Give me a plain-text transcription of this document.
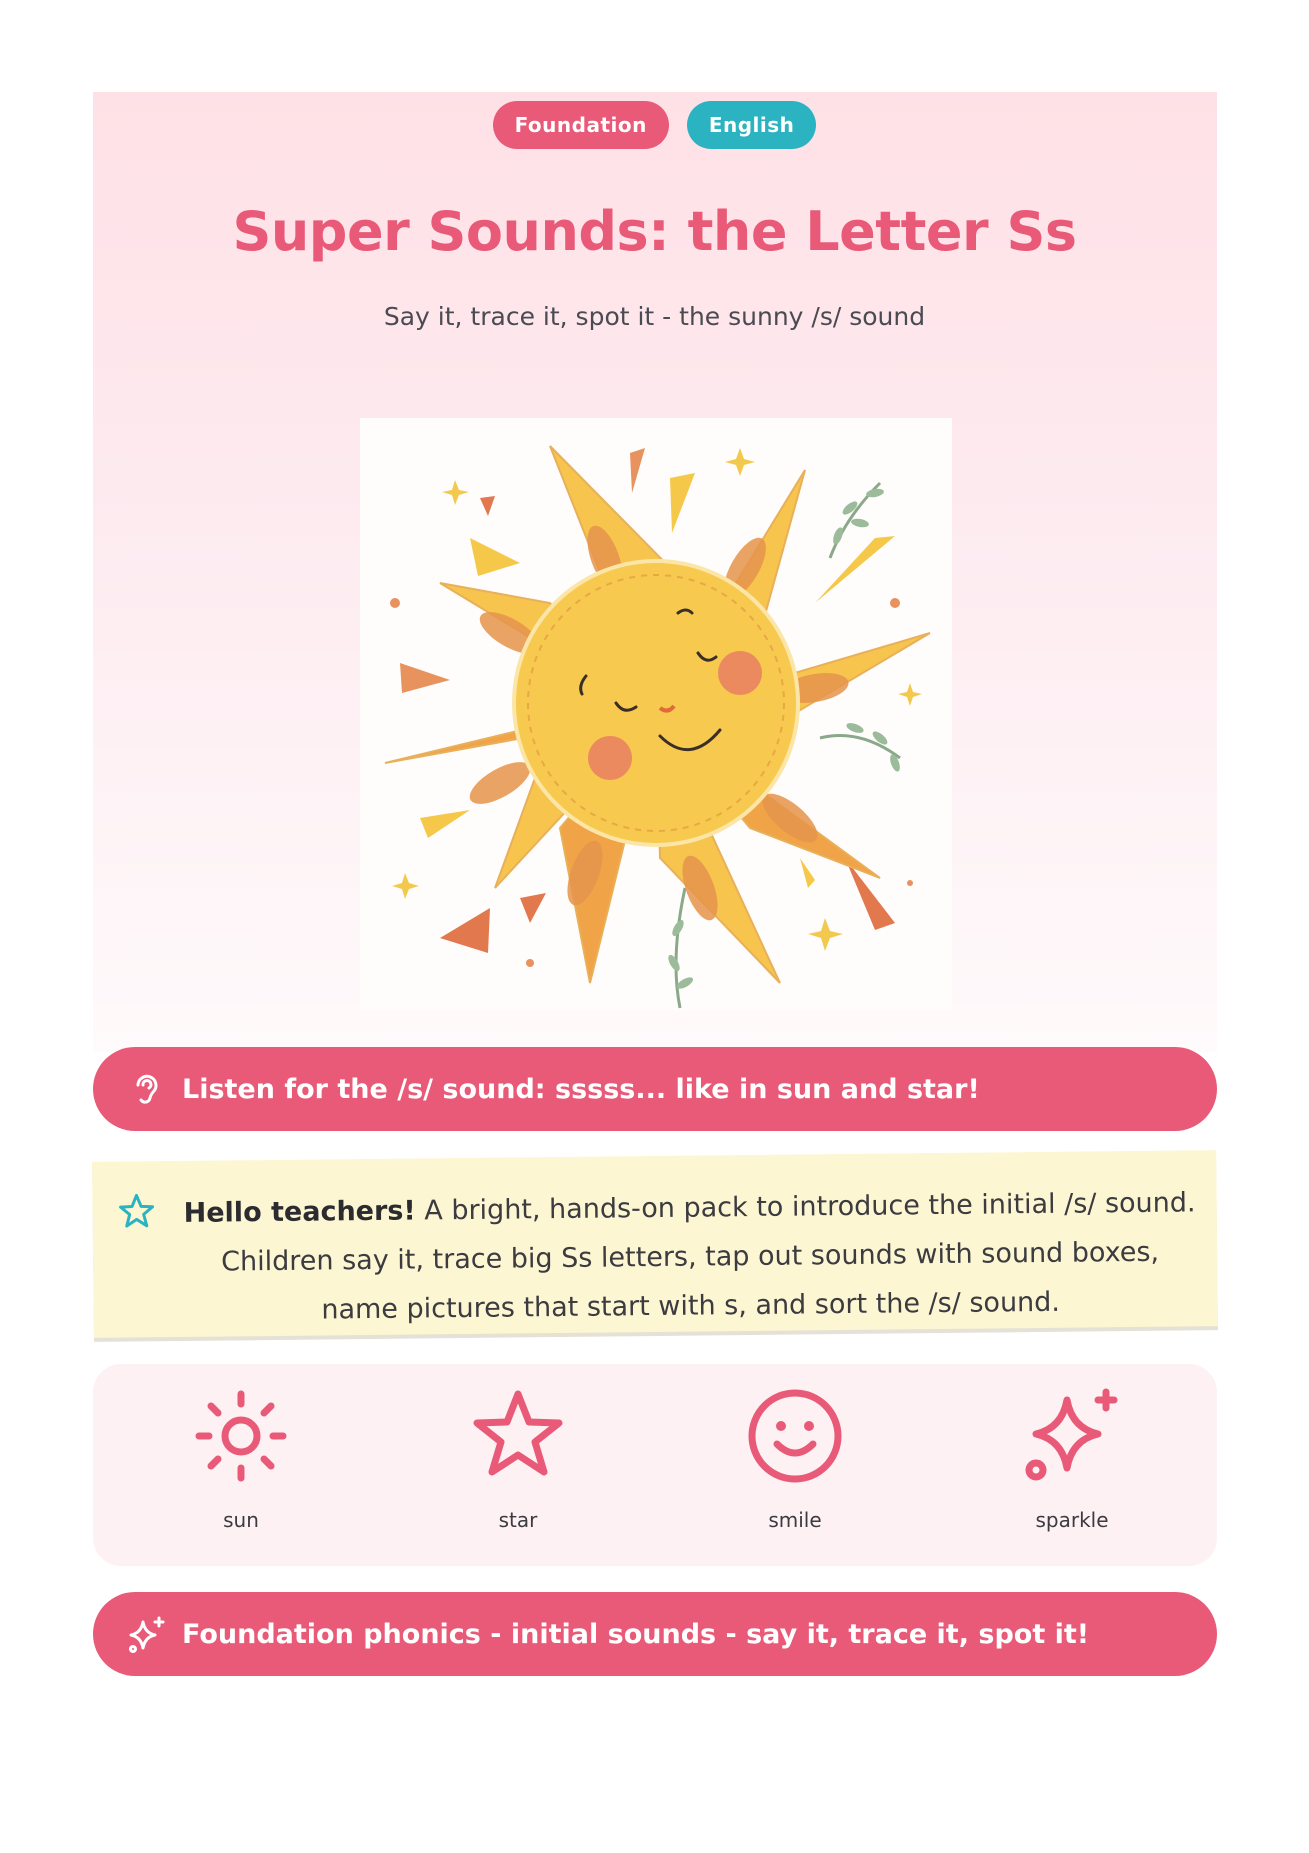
Foundation	English
Super Sounds: the Letter Ss
Say it, trace it, spot it - the sunny /s/ sound
Listen for the /s/ sound: sssss... like in sun and star!
Hello teachers! A bright, hands-on pack to introduce the initial /s/ sound. Children say it, trace big Ss letters, tap out sounds with sound boxes, name pictures that start with s, and sort the /s/ sound.
sun	star	smile	sparkle
Foundation phonics - initial sounds - say it, trace it, spot it!
